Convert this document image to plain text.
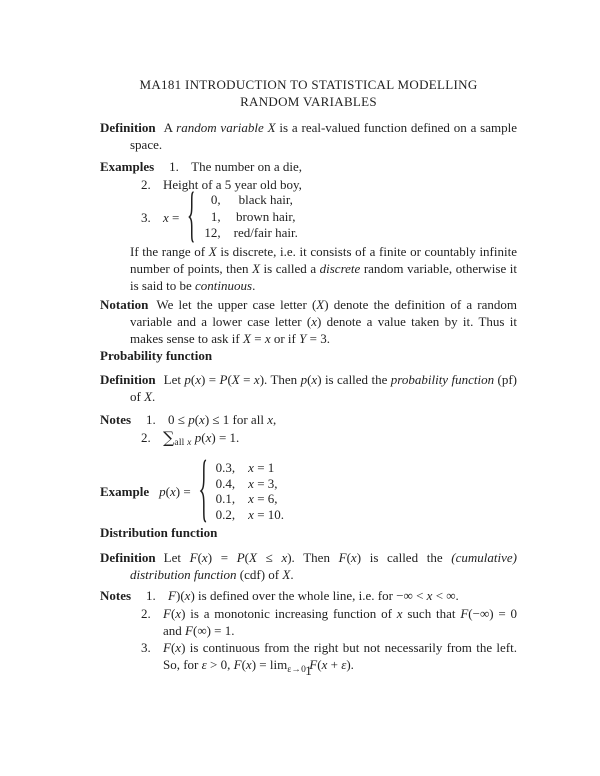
MA181 INTRODUCTION TO STATISTICAL MODELLING
RANDOM VARIABLES

Definition A random variable X is a real-valued function defined on a sample space.

Examples 1. The number on a die,
2. Height of a 5 year old boy,
3. x =
0,	black hair,
1, brown hair,
12, red/fair hair.

If the range of X is discrete, i.e. it consists of a finite or countably infinite number of points, then X is called a discrete random variable, otherwise it is said to be continuous.

Notation We let the upper case letter (X) denote the definition of a random variable and a lower case letter (x) denote a value taken by it. Thus it makes sense to ask if X = x or if Y = 3.

Probability function

Definition Let p(x) = P(X = x). Then p(x) is called the probability function (pf) of X.

Notes 1. 0 ≤ p(x) ≤ 1 for all x,
2. $\sum_{all}$ $_x$ p(x) = 1.
Example p(x) =
0.3, x = 1
0.4, x = 3,
0.1, x = 6,
0.2, x = 10.
Distribution function

Definition Let F(x) = P(X ≤ x). Then F(x) is called the (cumulative) distribution function (cdf) of X.

Notes 1. F)(x) is defined over the whole line, i.e. for −∞ < x < ∞.
2. F(x) is a monotonic increasing function of x such that F(−∞) = 0 and F(∞) = 1.
3. F(x) is continuous from the right but not necessarily from the left. So, for ε > 0, $F(x) = \lim_{\varepsilon\to 0} F(x + \varepsilon)$.
1
